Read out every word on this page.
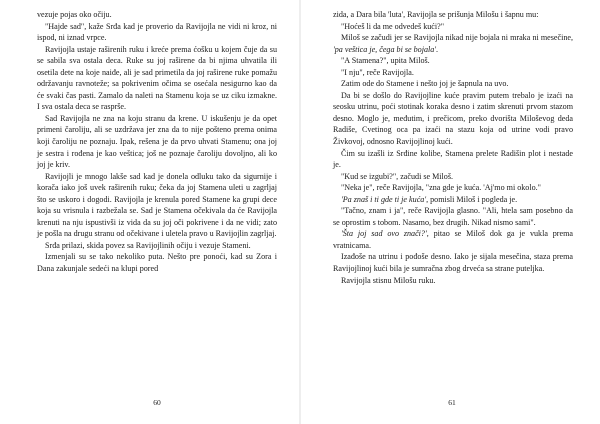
vezuje pojas oko očiju.

"Hajde sad", kaže Srđa kad je proverio da Ravijojla ne vidi ni kroz, ni ispod, ni iznad vrpce.

Ravijojla ustaje raširenih ruku i kreće prema ćošku u kojem čuje da su se sabila sva ostala deca. Ruke su joj raširene da bi njima uhvatila ili osetila dete na koje naiđe, ali je sad primetila da joj raširene ruke pomažu održavanju ravnoteže; sa pokrivenim očima se osećala nesigurno kao da će svaki čas pasti. Zamalo da naleti na Stamenu koja se uz ciku izmakne. I sva ostala deca se rasprše.

Sad Ravijojla ne zna na koju stranu da krene. U iskušenju je da opet primeni čaroliju, ali se uzdržava jer zna da to nije pošteno prema onima koji čaroliju ne poznaju. Ipak, rešena je da prvo uhvati Stamenu; ona joj je sestra i rođena je kao veštica; još ne poznaje čaroliju dovoljno, ali ko joj je kriv.

Ravijojli je mnogo lakše sad kad je donela odluku tako da sigurnije i korača iako još uvek raširenih ruku; čeka da joj Stamena uleti u zagrljaj što se uskoro i dogodi. Ravijojla je krenula pored Stamene ka grupi dece koja su vrisnula i razbežala se. Sad je Stamena očekivala da će Ravijojla krenuti na nju ispustivši iz vida da su joj oči pokrivene i da ne vidi; zato je pošla na drugu stranu od očekivane i uletela pravo u Ravijojlin zagrljaj.

Srđa prilazi, skida povez sa Ravijojlinih očiju i vezuje Stameni.

Izmenjali su se tako nekoliko puta. Nešto pre ponoći, kad su Zora i Dana zakunjale sedeći na klupi pored

zida, a Dara bila 'luta', Ravijojla se prišunja Milošu i šapnu mu:

"Hoćeš li da me odvedeš kući?"

Miloš se začudi jer se Ravijojla nikad nije bojala ni mraka ni mesečine, 'pa veštica je, čega bi se bojala'.

"A Stamena?", upita Miloš.

"I nju", reče Ravijojla.

Zatim ode do Stamene i nešto joj je šapnula na uvo.

Da bi se došlo do Ravijojline kuće pravim putem trebalo je izaći na seosku utrinu, poći stotinak koraka desno i zatim skrenuti prvom stazom desno. Moglo je, međutim, i prečicom, preko dvorišta Miloševog deda Radiše, Cvetinog oca pa izaći na stazu koja od utrine vodi pravo Živkovoj, odnosno Ravijojlinoj kući.

Čim su izašli iz Srđine kolibe, Stamena prelete Radišin plot i nestade je.

"Kud se izgubi?", začudi se Miloš.

"Neka je", reče Ravijojla, "zna gde je kuća. 'Aj'mo mi okolo."

'Pa znaš i ti gde ti je kuća', pomisli Miloš i pogleda je.

"Tačno, znam i ja", reče Ravijojla glasno. "Ali, htela sam posebno da se oprostim s tobom. Nasamo, bez drugih. Nikad nismo sami".

'Šta joj sad ovo znači?', pitao se Miloš dok ga je vukla prema vratnicama.

Izađoše na utrinu i pođoše desno. Iako je sijala mesečina, staza prema Ravijojlinoj kući bila je sumračna zbog drveća sa strane puteljka.

Ravijojla stisnu Milošu ruku.

60	61
